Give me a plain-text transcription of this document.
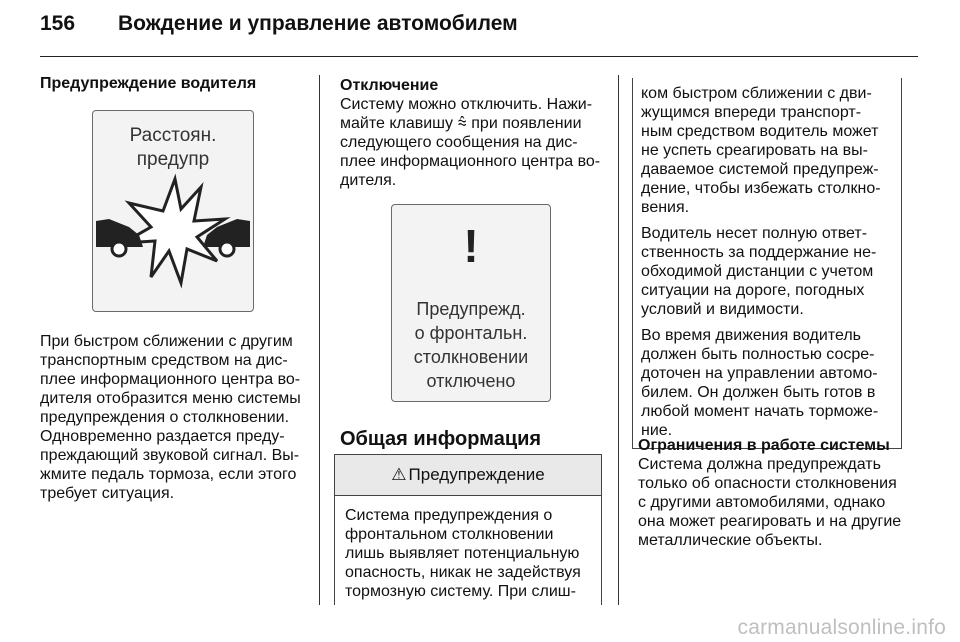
156 Вождение и управление автомобилем
Предупреждение водителя
Расстоян.
предупр

При быстром сближении с другим

транспортным средством на дис-

плее информационного центра во-

дителя отобразится меню системы

предупреждения о столкновении.

Одновременно раздается преду-

преждающий звуковой сигнал. Вы-

жмите педаль тормоза, если этого

требует ситуация.

Отключение

Систему можно отключить. Нажи-

майте клавишу ⩯ при появлении

следующего сообщения на дис-

плее информационного центра во-

дителя.

!
Предупрежд.
о фронтальн.
столкновении
отключено
Общая информация
⚠ Предупреждение
Система предупреждения о
фронтальном столкновении
лишь выявляет потенциальную
опасность, никак не задействуя
тормозную систему. При слиш-

ком быстром сближении с дви-
жущимся впереди транспорт-
ным средством водитель может
не успеть среагировать на вы-
даваемое системой предупреж-
дение, чтобы избежать столкно-
вения.

Водитель несет полную ответ-
ственность за поддержание не-
обходимой дистанции с учетом
ситуации на дороге, погодных
условий и видимости.

Во время движения водитель
должен быть полностью сосре-
доточен на управлении автомо-
билем. Он должен быть готов в
любой момент начать торможе-
ние.

Ограничения в работе системы

Система должна предупреждать

только об опасности столкновения

с другими автомобилями, однако

она может реагировать и на другие

металлические объекты.

carmanualsonline.info
